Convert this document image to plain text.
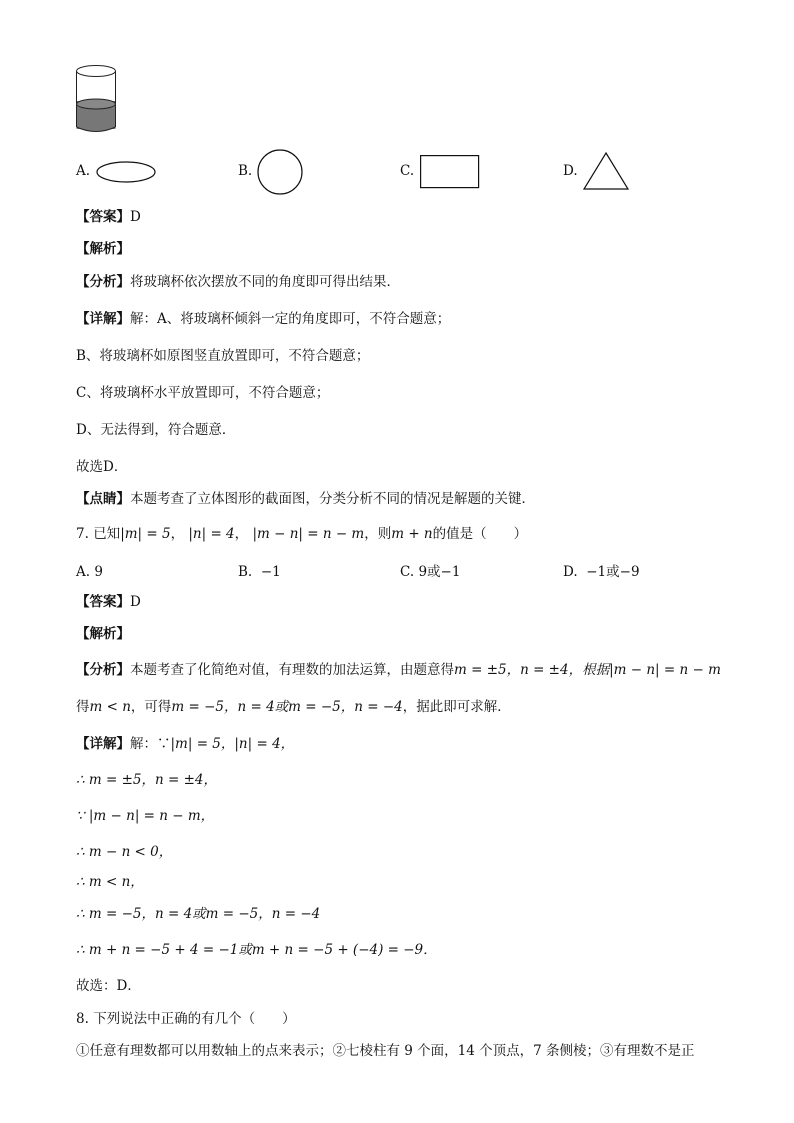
A.	B.	C.	D.
【答案】D
【解析】
【分析】将玻璃杯依次摆放不同的角度即可得出结果．
【详解】解：A、将玻璃杯倾斜一定的角度即可，不符合题意；
B、将玻璃杯如原图竖直放置即可，不符合题意；
C、将玻璃杯水平放置即可，不符合题意；
D、无法得到，符合题意．
故选D．
【点睛】本题考查了立体图形的截面图，分类分析不同的情况是解题的关键．
7. 已知|m| = 5， |n| = 4， |m − n| = n − m，则m + n的值是（　　）
A. 9	B. −1	C. 9或−1	D. −1或−9
【答案】D
【解析】
【分析】本题考查了化简绝对值，有理数的加法运算，由题意得m = ±5，n = ±4，根据|m − n| = n − m
得m < n，可得m = −5，n = 4或m = −5，n = −4，据此即可求解．
【详解】解：∵|m| = 5，|n| = 4，
∴ m = ±5，n = ±4，
∵ |m − n| = n − m，
∴ m − n < 0，
∴ m < n，
∴ m = −5，n = 4或m = −5，n = −4
∴ m + n = −5 + 4 = −1或m + n = −5 + (−4) = −9．
故选：D．
8. 下列说法中正确的有几个（　　）
①任意有理数都可以用数轴上的点来表示；②七棱柱有 9 个面，14 个顶点，7 条侧棱；③有理数不是正
